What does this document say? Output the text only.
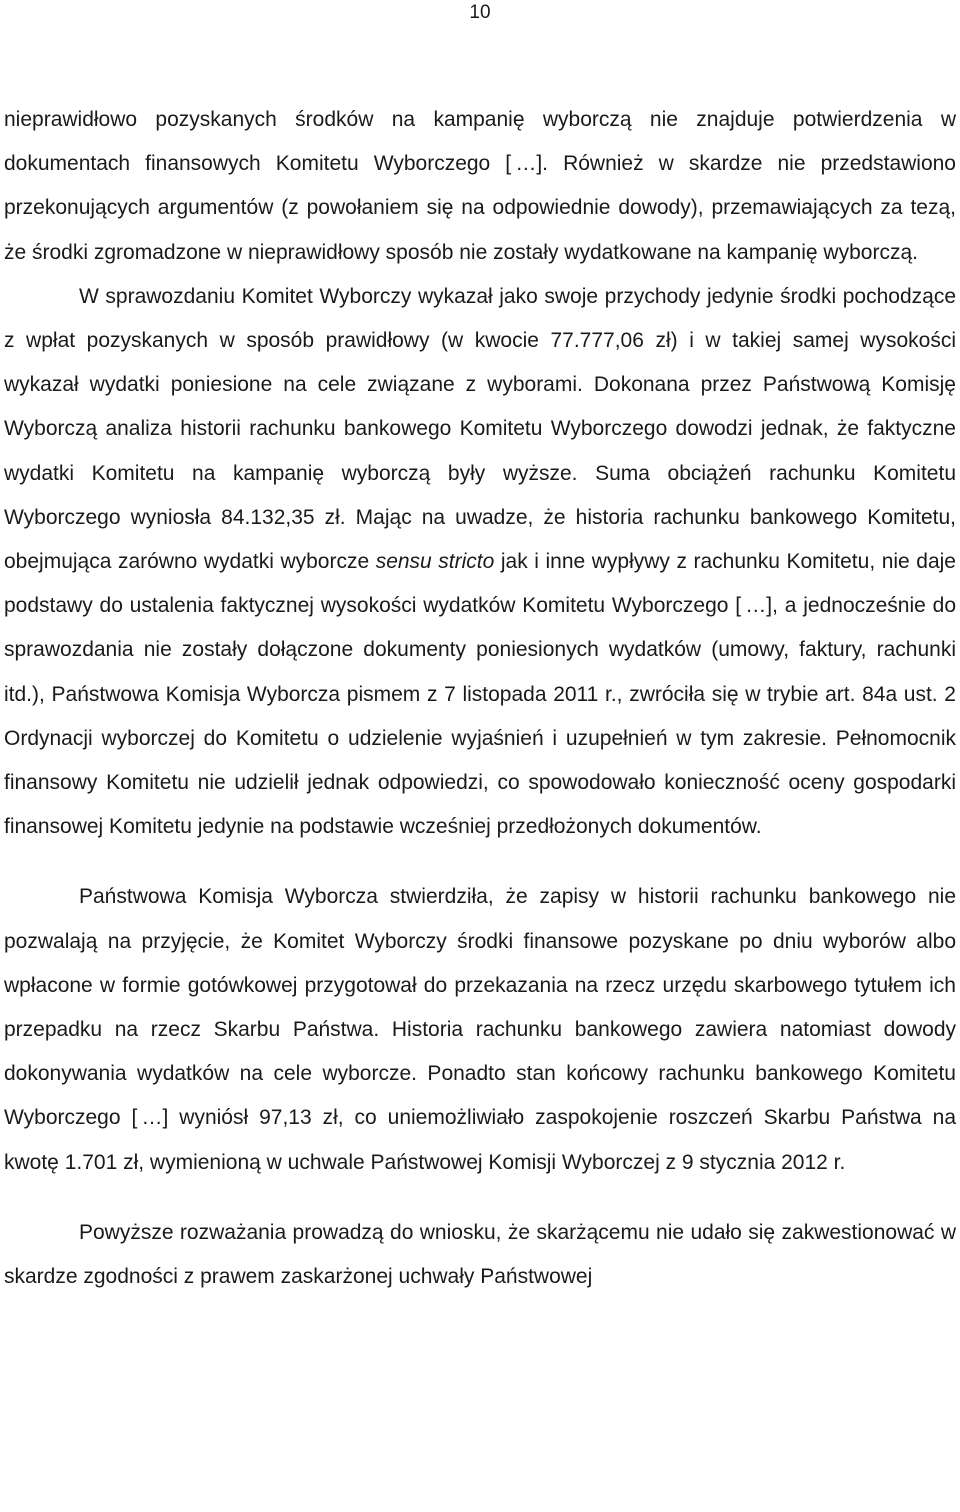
10

nieprawidłowo pozyskanych środków na kampanię wyborczą nie znajduje potwierdzenia w dokumentach finansowych Komitetu Wyborczego [ …]. Również w skardze nie przedstawiono przekonujących argumentów (z powołaniem się na odpowiednie dowody), przemawiających za tezą, że środki zgromadzone w nieprawidłowy sposób nie zostały wydatkowane na kampanię wyborczą.

W sprawozdaniu Komitet Wyborczy wykazał jako swoje przychody jedynie środki pochodzące z wpłat pozyskanych w sposób prawidłowy (w kwocie 77.777,06 zł) i w takiej samej wysokości wykazał wydatki poniesione na cele związane z wyborami. Dokonana przez Państwową Komisję Wyborczą analiza historii rachunku bankowego Komitetu Wyborczego dowodzi jednak, że faktyczne wydatki Komitetu na kampanię wyborczą były wyższe. Suma obciążeń rachunku Komitetu Wyborczego wyniosła 84.132,35 zł. Mając na uwadze, że historia rachunku bankowego Komitetu, obejmująca zarówno wydatki wyborcze sensu stricto jak i inne wypływy z rachunku Komitetu, nie daje podstawy do ustalenia faktycznej wysokości wydatków Komitetu Wyborczego [ …], a jednocześnie do sprawozdania nie zostały dołączone dokumenty poniesionych wydatków (umowy, faktury, rachunki itd.), Państwowa Komisja Wyborcza pismem z 7 listopada 2011 r., zwróciła się w trybie art. 84a ust. 2 Ordynacji wyborczej do Komitetu o udzielenie wyjaśnień i uzupełnień w tym zakresie. Pełnomocnik finansowy Komitetu nie udzielił jednak odpowiedzi, co spowodowało konieczność oceny gospodarki finansowej Komitetu jedynie na podstawie wcześniej przedłożonych dokumentów.

Państwowa Komisja Wyborcza stwierdziła, że zapisy w historii rachunku bankowego nie pozwalają na przyjęcie, że Komitet Wyborczy środki finansowe pozyskane po dniu wyborów albo wpłacone w formie gotówkowej przygotował do przekazania na rzecz urzędu skarbowego tytułem ich przepadku na rzecz Skarbu Państwa. Historia rachunku bankowego zawiera natomiast dowody dokonywania wydatków na cele wyborcze. Ponadto stan końcowy rachunku bankowego Komitetu Wyborczego [ …] wyniósł 97,13 zł, co uniemożliwiało zaspokojenie roszczeń Skarbu Państwa na kwotę 1.701 zł, wymienioną w uchwale Państwowej Komisji Wyborczej z 9 stycznia 2012 r.

Powyższe rozważania prowadzą do wniosku, że skarżącemu nie udało się zakwestionować w skardze zgodności z prawem zaskarżonej uchwały Państwowej
